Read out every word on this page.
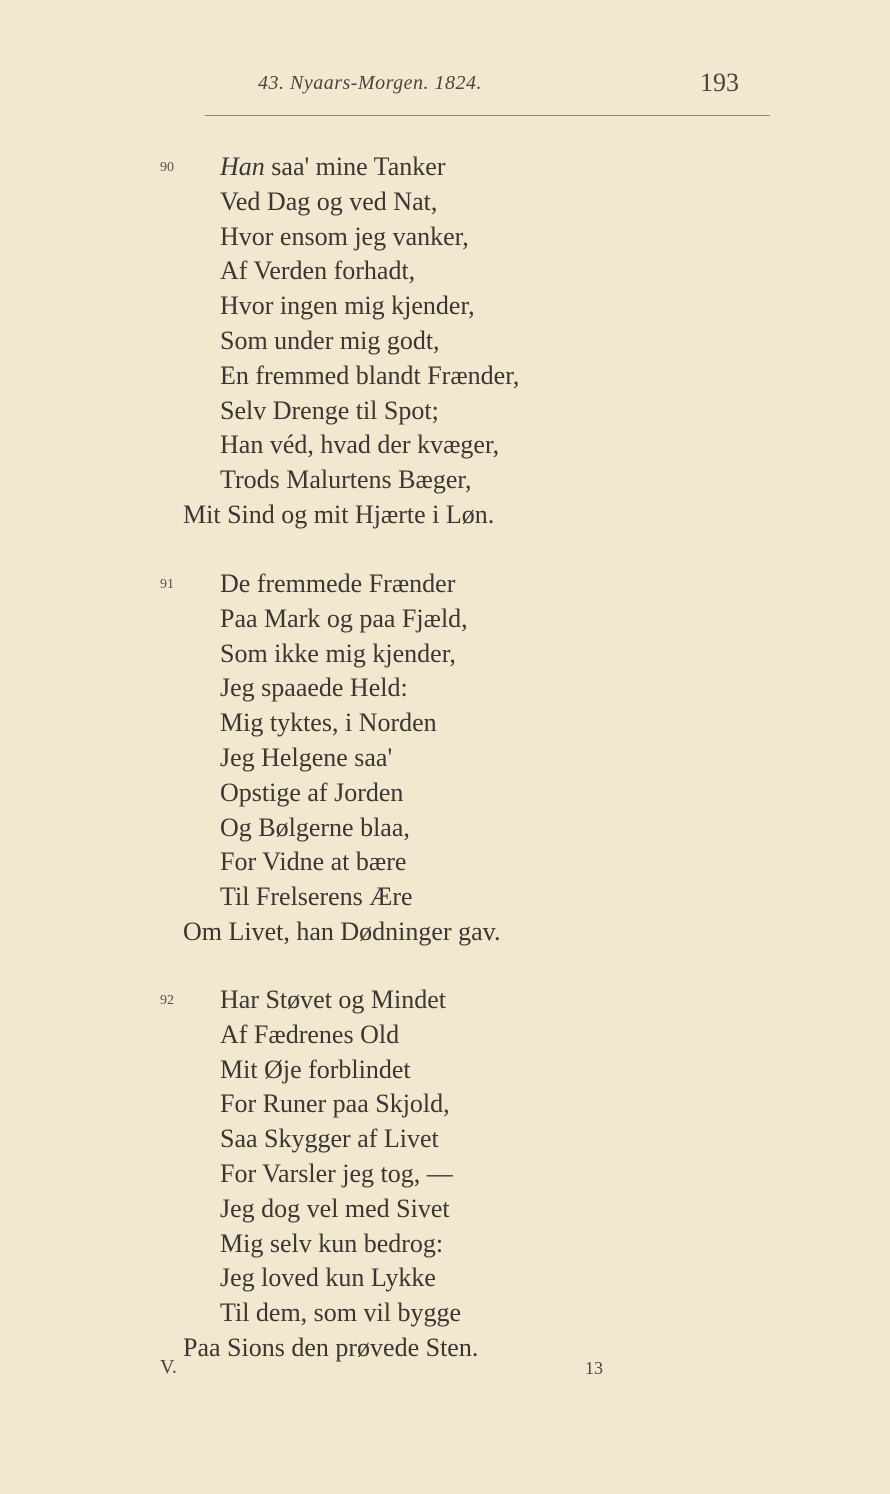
43. Nyaars-Morgen. 1824.	193
90 Han saa' mine Tanker
Ved Dag og ved Nat,
Hvor ensom jeg vanker,
Af Verden forhadt,
Hvor ingen mig kjender,
Som under mig godt,
En fremmed blandt Frænder,
Selv Drenge til Spot;
Han véd, hvad der kvæger,
Trods Malurtens Bæger,
Mit Sind og mit Hjærte i Løn.
91 De fremmede Frænder
Paa Mark og paa Fjæld,
Som ikke mig kjender,
Jeg spaaede Held:
Mig tyktes, i Norden
Jeg Helgene saa'
Opstige af Jorden
Og Bølgerne blaa,
For Vidne at bære
Til Frelserens Ære
Om Livet, han Dødninger gav.
92 Har Støvet og Mindet
Af Fædrenes Old
Mit Øje forblindet
For Runer paa Skjold,
Saa Skygger af Livet
For Varsler jeg tog, —
Jeg dog vel med Sivet
Mig selv kun bedrog:
Jeg loved kun Lykke
Til dem, som vil bygge
Paa Sions den prøvede Sten.
V.	13
